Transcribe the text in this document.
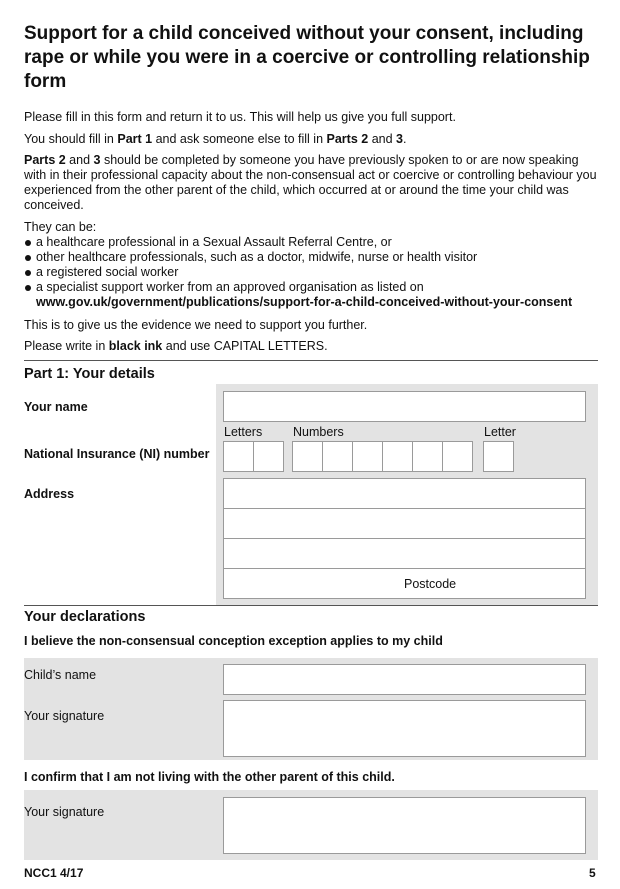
Support for a child conceived without your consent, including rape or while you were in a coercive or controlling relationship form
Please fill in this form and return it to us. This will help us give you full support.
You should fill in Part 1 and ask someone else to fill in Parts 2 and 3.
Parts 2 and 3 should be completed by someone you have previously spoken to or are now speaking with in their professional capacity about the non-consensual act or coercive or controlling behaviour you experienced from the other parent of the child, which occurred at or around the time your child was conceived.
They can be:
a healthcare professional in a Sexual Assault Referral Centre, or
other healthcare professionals, such as a doctor, midwife, nurse or health visitor
a registered social worker
a specialist support worker from an approved organisation as listed on
www.gov.uk/government/publications/support-for-a-child-conceived-without-your-consent
This is to give us the evidence we need to support you further.
Please write in black ink and use CAPITAL LETTERS.
Part 1: Your details
Your name
Letters Numbers	Letter
National Insurance (NI) number
Address
Postcode
Your declarations
I believe the non-consensual conception exception applies to my child
Child’s name
Your signature
I confirm that I am not living with the other parent of this child.
Your signature
NCC1 4/17	5
